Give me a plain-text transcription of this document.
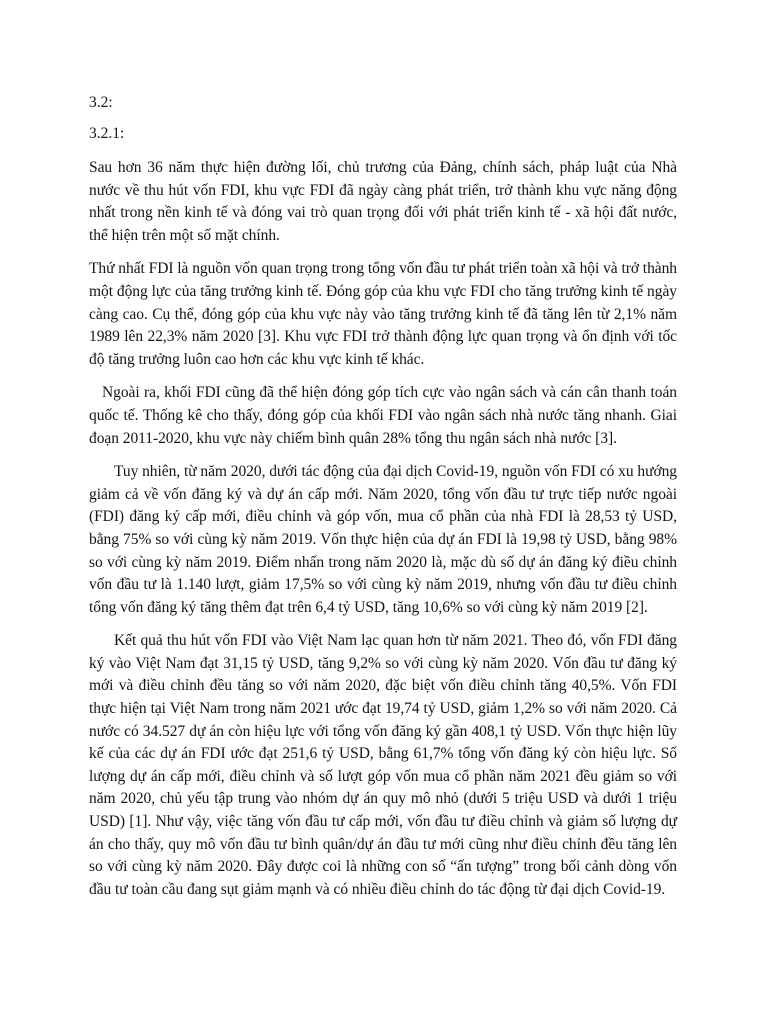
3.2:

3.2.1:

Sau hơn 36 năm thực hiện đường lối, chủ trương của Đảng, chính sách, pháp luật của Nhà nước về thu hút vốn FDI, khu vực FDI đã ngày càng phát triển, trở thành khu vực năng động nhất trong nền kinh tế và đóng vai trò quan trọng đối với phát triển kinh tế - xã hội đất nước, thể hiện trên một số mặt chính.

Thứ nhất FDI là nguồn vốn quan trọng trong tổng vốn đầu tư phát triển toàn xã hội và trở thành một động lực của tăng trưởng kinh tế. Đóng góp của khu vực FDI cho tăng trưởng kinh tế ngày càng cao. Cụ thể, đóng góp của khu vực này vào tăng trưởng kinh tế đã tăng lên từ 2,1% năm 1989 lên 22,3% năm 2020 [3]. Khu vực FDI trở thành động lực quan trọng và ổn định với tốc độ tăng trưởng luôn cao hơn các khu vực kinh tế khác.

Ngoài ra, khối FDI cũng đã thể hiện đóng góp tích cực vào ngân sách và cán cân thanh toán quốc tế. Thống kê cho thấy, đóng góp của khối FDI vào ngân sách nhà nước tăng nhanh. Giai đoạn 2011-2020, khu vực này chiếm bình quân 28% tổng thu ngân sách nhà nước [3].

Tuy nhiên, từ năm 2020, dưới tác động của đại dịch Covid-19, nguồn vốn FDI có xu hướng giảm cả về vốn đăng ký và dự án cấp mới. Năm 2020, tổng vốn đầu tư trực tiếp nước ngoài (FDI) đăng ký cấp mới, điều chỉnh và góp vốn, mua cổ phần của nhà FDI là 28,53 tỷ USD, bằng 75% so với cùng kỳ năm 2019. Vốn thực hiện của dự án FDI là 19,98 tỷ USD, bằng 98% so với cùng kỳ năm 2019. Điểm nhấn trong năm 2020 là, mặc dù số dự án đăng ký điều chỉnh vốn đầu tư là 1.140 lượt, giảm 17,5% so với cùng kỳ năm 2019, nhưng vốn đầu tư điều chỉnh tổng vốn đăng ký tăng thêm đạt trên 6,4 tỷ USD, tăng 10,6% so với cùng kỳ năm 2019 [2].

Kết quả thu hút vốn FDI vào Việt Nam lạc quan hơn từ năm 2021. Theo đó, vốn FDI đăng ký vào Việt Nam đạt 31,15 tỷ USD, tăng 9,2% so với cùng kỳ năm 2020. Vốn đầu tư đăng ký mới và điều chỉnh đều tăng so với năm 2020, đặc biệt vốn điều chỉnh tăng 40,5%. Vốn FDI thực hiện tại Việt Nam trong năm 2021 ước đạt 19,74 tỷ USD, giảm 1,2% so với năm 2020. Cả nước có 34.527 dự án còn hiệu lực với tổng vốn đăng ký gần 408,1 tỷ USD. Vốn thực hiện lũy kế của các dự án FDI ước đạt 251,6 tỷ USD, bằng 61,7% tổng vốn đăng ký còn hiệu lực. Số lượng dự án cấp mới, điều chỉnh và số lượt góp vốn mua cổ phần năm 2021 đều giảm so với năm 2020, chủ yếu tập trung vào nhóm dự án quy mô nhỏ (dưới 5 triệu USD và dưới 1 triệu USD) [1]. Như vậy, việc tăng vốn đầu tư cấp mới, vốn đầu tư điều chỉnh và giảm số lượng dự án cho thấy, quy mô vốn đầu tư bình quân/dự án đầu tư mới cũng như điều chỉnh đều tăng lên so với cùng kỳ năm 2020. Đây được coi là những con số “ấn tượng” trong bối cảnh dòng vốn đầu tư toàn cầu đang sụt giảm mạnh và có nhiều điều chỉnh do tác động từ đại dịch Covid-19.
